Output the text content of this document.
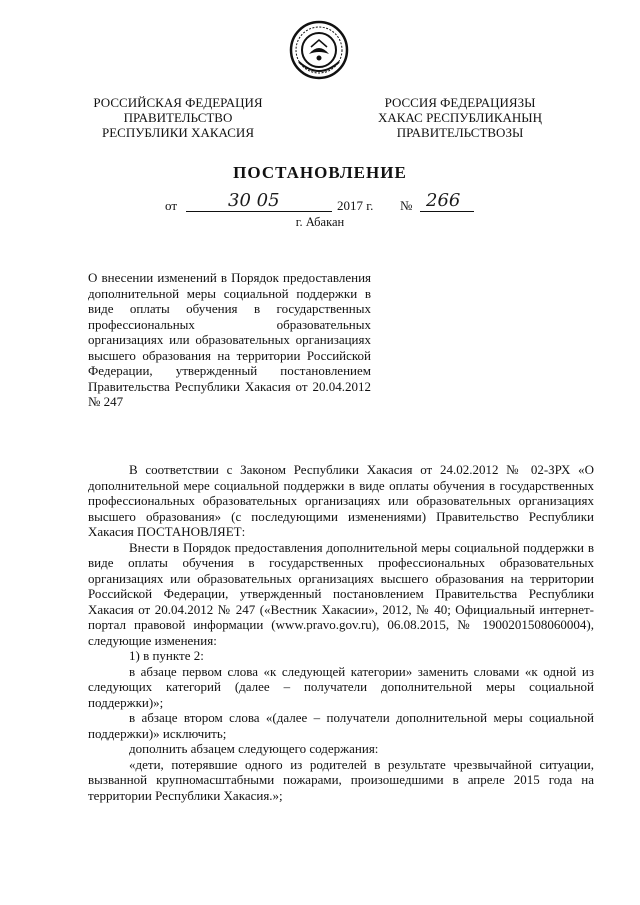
РОССИЙСКАЯ ФЕДЕРАЦИЯ
ПРАВИТЕЛЬСТВО
РЕСПУБЛИКИ ХАКАСИЯ
РОССИЯ ФЕДЕРАЦИЯЗЫ
ХАКАС РЕСПУБЛИКАНЫҢ
ПРАВИТЕЛЬСТВОЗЫ
ПОСТАНОВЛЕНИЕ
от	30 05	2017 г. № 266
г. Абакан
О внесении изменений в Порядок предоставления дополнительной меры социальной поддержки в виде оплаты обучения в государственных профессиональных образовательных организациях или образовательных организациях высшего образования на территории Российской Федерации, утвержденный постановлением Правительства Республики Хакасия от 20.04.2012 № 247

В соответствии с Законом Республики Хакасия от 24.02.2012 № 02-ЗРХ «О дополнительной мере социальной поддержки в виде оплаты обучения в государственных профессиональных образовательных организациях или образовательных организациях высшего образования» (с последующими изменениями) Правительство Республики Хакасия ПОСТАНОВЛЯЕТ:

Внести в Порядок предоставления дополнительной меры социальной поддержки в виде оплаты обучения в государственных профессиональных образовательных организациях или образовательных организациях высшего образования на территории Российской Федерации, утвержденный постановлением Правительства Республики Хакасия от 20.04.2012 № 247 («Вестник Хакасии», 2012, № 40; Официальный интернет-портал правовой информации (www.pravo.gov.ru), 06.08.2015, № 1900201508060004), следующие изменения:

1) в пункте 2:

в абзаце первом слова «к следующей категории» заменить словами «к одной из следующих категорий (далее – получатели дополнительной меры социальной поддержки)»;

в абзаце втором слова «(далее – получатели дополнительной меры социальной поддержки)» исключить;

дополнить абзацем следующего содержания:

«дети, потерявшие одного из родителей в результате чрезвычайной ситуации, вызванной крупномасштабными пожарами, произошедшими в апреле 2015 года на территории Республики Хакасия.»;
